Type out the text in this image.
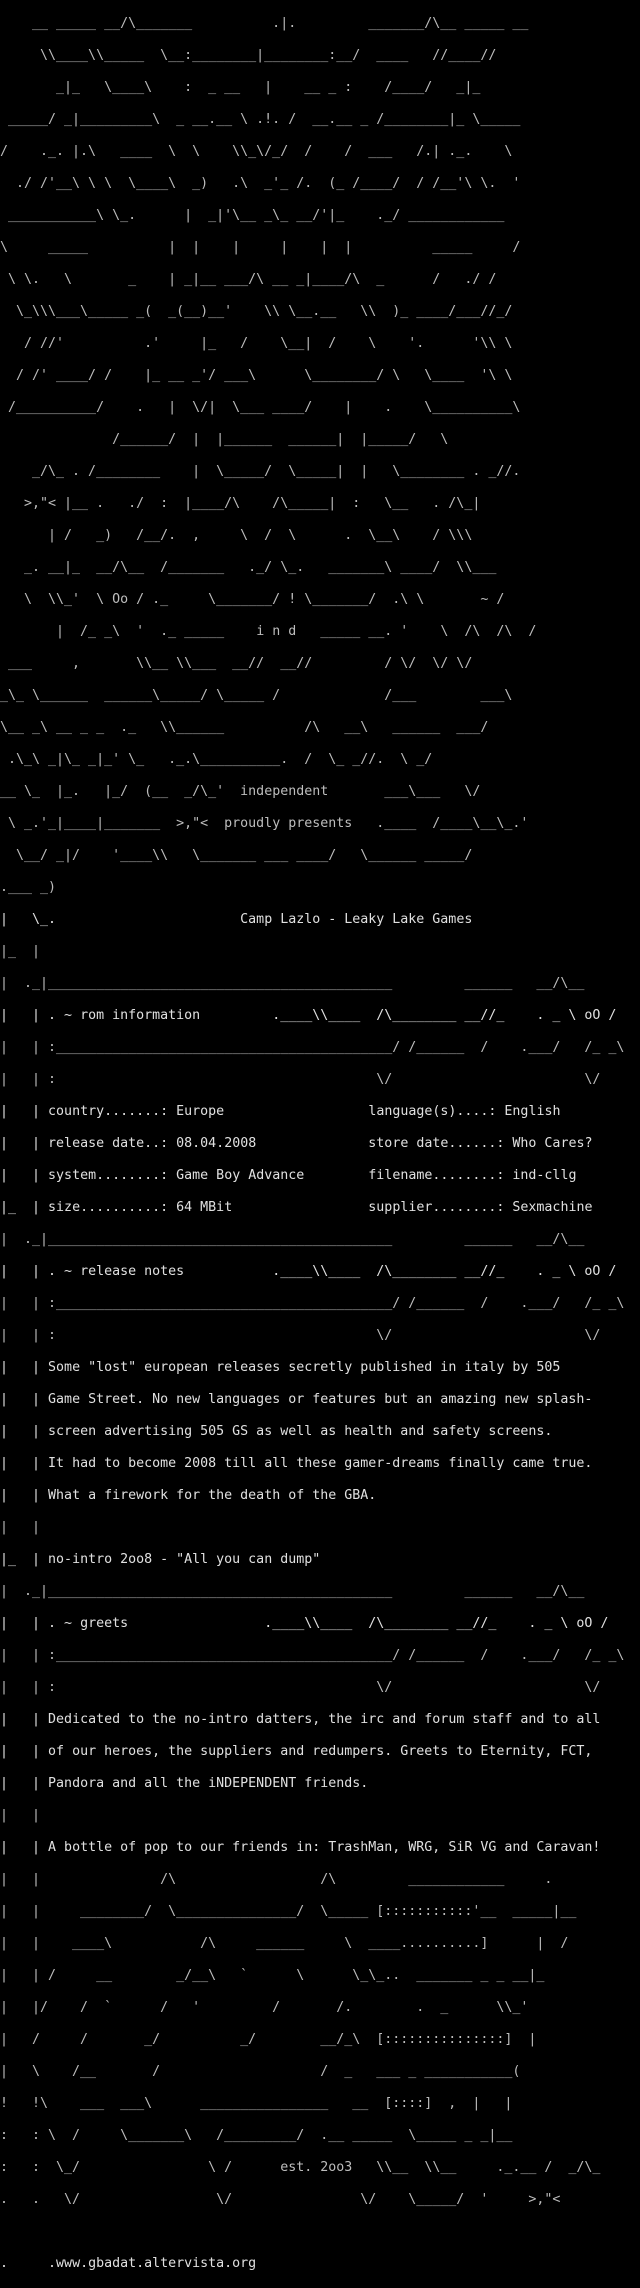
__ _____ __/\_______          .|.         _______/\__ _____ __

\\____\\_____  \__:________|________:__/  ____   //____//

_|_   \____\    :  _ __   |    __ _ :    /____/   _|_

_____/ _|_________\  _ __.__ \ .!. /  __.__ _ /________|_ \_____

/    ._. |.\   ____  \  \    \\_\/_/  /    /  ___   /.| ._.    \

./ /'__\ \ \  \____\  _)   .\  _'_ /.  (_ /____/  / /__'\ \.  '

___________\ \_.      |  _|'\__ _\_ __/'|_    ._/ ____________

\     _____          |  |    |     |    |  |          _____     /

\ \.   \       _    | _|__ ___/\ __ _|____/\  _      /   ./ /

\_\\\___\_____ _(  _(__)__'    \\ \__.__   \\  )_ ____/___//_/

/ //'          .'     |_   /    \__|  /    \    '.      '\\ \

/ /' ____/ /    |_ __ _'/ ___\      \________/ \   \____  '\ \

/__________/    .   |  \/|  \___ ____/    |    .    \__________\

/______/  |  |______  ______|  |_____/   \

_/\_ . /________    |  \_____/  \_____|  |   \________ . _//.

>,"< |__ .   ./  :  |____/\    /\_____|  :   \__   . /\_|

| /   _)   /__/.  ,     \  /  \      .  \__\    / \\\

_. __|_  __/\__  /_______   ._/ \_.   _______\ ____/  \\___

\  \\_'  \ Oo / ._     \_______/ ! \_______/  .\ \       ~ /

|  /_ _\  '  ._ _____    i n d   _____ __. '    \  /\  /\  /

___     ,       \\__ \\___  __//  __//         / \/  \/ \/

_\_ \______  ______\_____/ \_____ /             /___        ___\

\__ _\ __ _ _  ._   \\______          /\   __\   ______  ___/

.\_\ _|\_ _|_' \_   ._.\__________.  /  \_ _//.  \ _/

__ \_  |_.   |_/  (__  _/\_'  independent       ___\___   \/

\ _.'_|____|_______  >,"<  proudly presents   .____  /____\__\_.'

\__/ _|/    '____\\   \_______ ___ ____/   \______ _____/

.___ _)

|   \_.                       Camp Lazlo - Leaky Lake Games

|_  |

|  ._|___________________________________________         ______   __/\__

|   | . ~ rom information         .____\\____  /\________ __//_    . _ \ oO /

|   | :__________________________________________/ /______  /    .___/   /_ _\

|   | :                                        \/                        \/

|   | country.......: Europe	language(s)....: English

|   | release date..: 08.04.2008	store date......: Who Cares?

|   | system........: Game Boy Advance	filename........: ind-cllg

|_  | size..........: 64 MBit	supplier........: Sexmachine

|  ._|___________________________________________         ______   __/\__

|   | . ~ release notes           .____\\____  /\________ __//_    . _ \ oO /

|   | :__________________________________________/ /______  /    .___/   /_ _\

|   | :                                        \/                        \/

|   | Some "lost" european releases secretly published in italy by 505

|   | Game Street. No new languages or features but an amazing new splash-

|   | screen advertising 505 GS as well as health and safety screens.

|   | It had to become 2008 till all these gamer-dreams finally came true.

|   | What a firework for the death of the GBA.

|   |

|_  | no-intro 2oo8 - "All you can dump"

|  ._|___________________________________________         ______   __/\__

|   | . ~ greets                 .____\\____  /\________ __//_    . _ \ oO /

|   | :__________________________________________/ /______  /    .___/   /_ _\

|   | :                                        \/                        \/

|   | Dedicated to the no-intro datters, the irc and forum staff and to all

|   | of our heroes, the suppliers and redumpers. Greets to Eternity, FCT,

|   | Pandora and all the iNDEPENDENT friends.

|   |

|   | A bottle of pop to our friends in: TrashMan, WRG, SiR VG and Caravan!

|   |               /\                  /\         ____________     .

|   |     ________/  \_______________/  \_____ [:::::::::::'__  _____|__

|   |    ____\           /\     ______     \  ____..........]      |  /

|   | /     __        _/__\   `      \      \_\_..  _______ _ _ __|_

|   |/    /  `      /   '         /       /.        .  _      \\_'

|   /     /       _/          _/        __/_\  [:::::::::::::::]  |

|   \    /__       /                    /  _   ___ _ ___________(

!   !\    ___  ___\      ________________   __  [::::]  ,  |   |

:   : \  /     \_______\   /_________/  .__ _____  \_____ _ _|__

:   :  \_/                \ /      est. 2oo3   \\__  \\__     ._.__ /  _/\_

.   .   \/                 \/                \/    \_____/  '     >,"<

.     .www.gbadat.altervista.org
